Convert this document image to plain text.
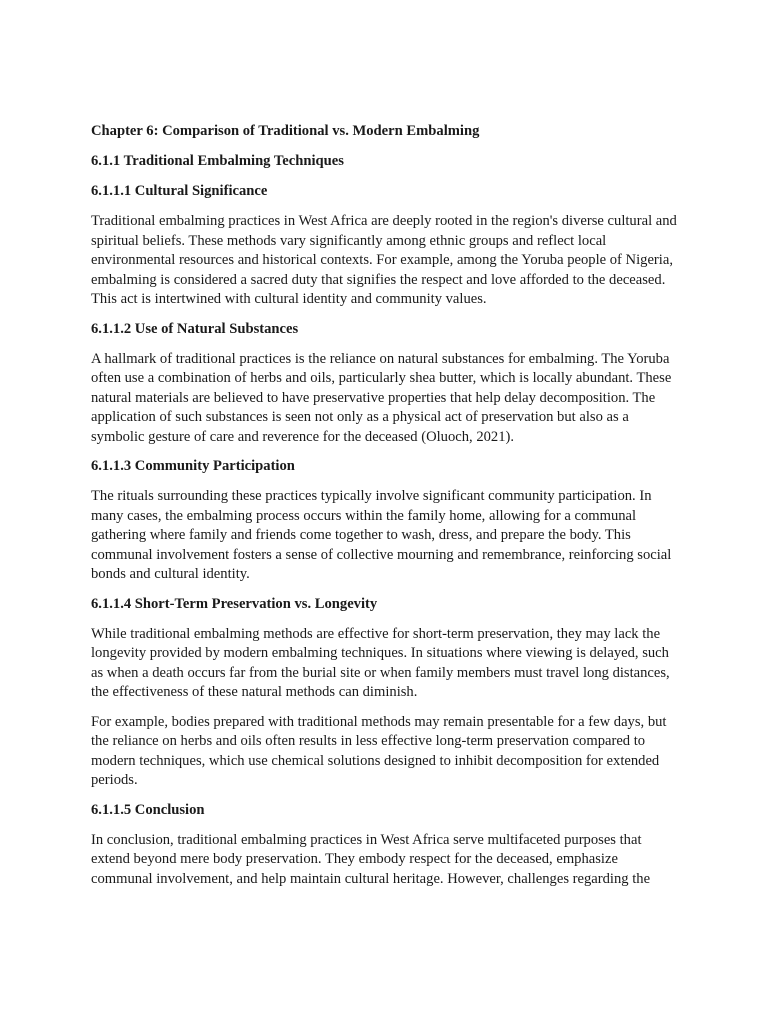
Chapter 6: Comparison of Traditional vs. Modern Embalming
6.1.1 Traditional Embalming Techniques
6.1.1.1 Cultural Significance

Traditional embalming practices in West Africa are deeply rooted in the region's diverse cultural and spiritual beliefs. These methods vary significantly among ethnic groups and reflect local environmental resources and historical contexts. For example, among the Yoruba people of Nigeria, embalming is considered a sacred duty that signifies the respect and love afforded to the deceased. This act is intertwined with cultural identity and community values.

6.1.1.2 Use of Natural Substances

A hallmark of traditional practices is the reliance on natural substances for embalming. The Yoruba often use a combination of herbs and oils, particularly shea butter, which is locally abundant. These natural materials are believed to have preservative properties that help delay decomposition. The application of such substances is seen not only as a physical act of preservation but also as a symbolic gesture of care and reverence for the deceased (Oluoch, 2021).

6.1.1.3 Community Participation

The rituals surrounding these practices typically involve significant community participation. In many cases, the embalming process occurs within the family home, allowing for a communal gathering where family and friends come together to wash, dress, and prepare the body. This communal involvement fosters a sense of collective mourning and remembrance, reinforcing social bonds and cultural identity.

6.1.1.4 Short-Term Preservation vs. Longevity

While traditional embalming methods are effective for short-term preservation, they may lack the longevity provided by modern embalming techniques. In situations where viewing is delayed, such as when a death occurs far from the burial site or when family members must travel long distances, the effectiveness of these natural methods can diminish.

For example, bodies prepared with traditional methods may remain presentable for a few days, but the reliance on herbs and oils often results in less effective long-term preservation compared to modern techniques, which use chemical solutions designed to inhibit decomposition for extended periods.

6.1.1.5 Conclusion

In conclusion, traditional embalming practices in West Africa serve multifaceted purposes that extend beyond mere body preservation. They embody respect for the deceased, emphasize communal involvement, and help maintain cultural heritage. However, challenges regarding the
